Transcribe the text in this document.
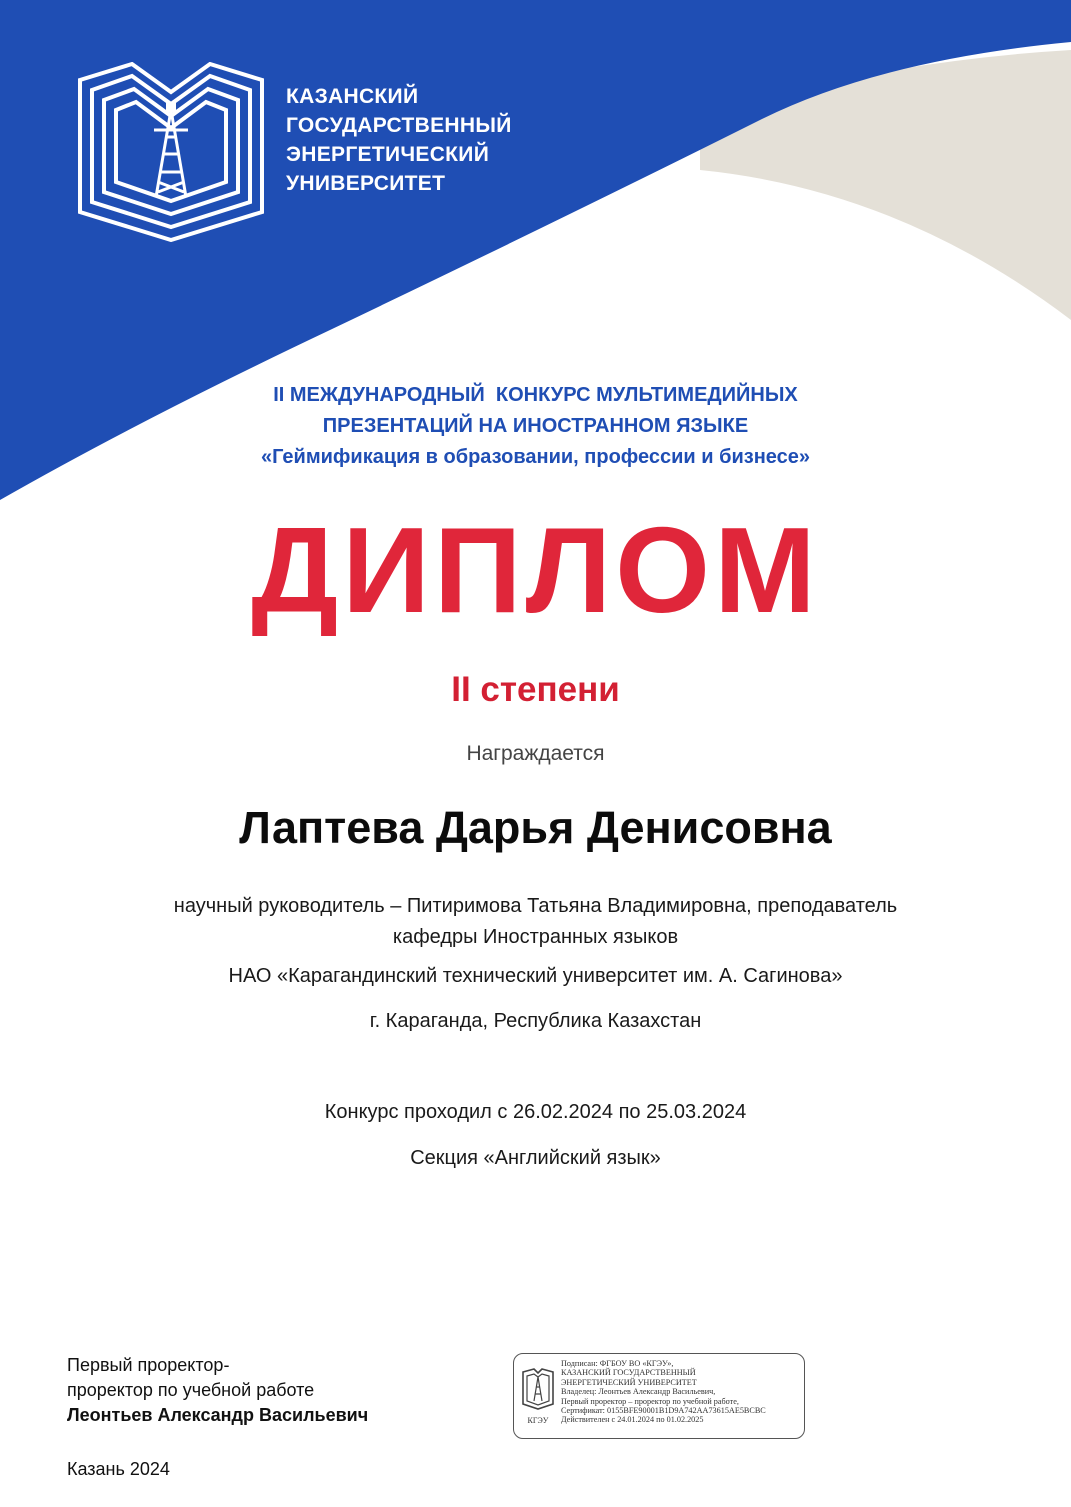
КАЗАНСКИЙ
ГОСУДАРСТВЕННЫЙ
ЭНЕРГЕТИЧЕСКИЙ
УНИВЕРСИТЕТ
II МЕЖДУНАРОДНЫЙ  КОНКУРС МУЛЬТИМЕДИЙНЫХ
ПРЕЗЕНТАЦИЙ НА ИНОСТРАННОМ ЯЗЫКЕ
«Геймификация в образовании, профессии и бизнесе»
ДИПЛОМ
II степени
Награждается
Лаптева Дарья Денисовна
научный руководитель – Питиримова Татьяна Владимировна, преподаватель
кафедры Иностранных языков
НАО «Карагандинский технический университет им. А. Сагинова»
г. Караганда, Республика Казахстан
Конкурс проходил с 26.02.2024 по 25.03.2024
Секция «Английский язык»
Первый проректор-
проректор по учебной работе
Леонтьев Александр Васильевич
Казань 2024
КГЭУ
Подписан: ФГБОУ ВО «КГЭУ»,
КАЗАНСКИЙ ГОСУДАРСТВЕННЫЙ
ЭНЕРГЕТИЧЕСКИЙ УНИВЕРСИТЕТ
Владелец: Леонтьев Александр Васильевич,
Первый проректор – проректор по учебной работе,
Сертификат: 0155BFE90001B1D9A742AA73615AE5BCBC
Действителен с 24.01.2024 по 01.02.2025
